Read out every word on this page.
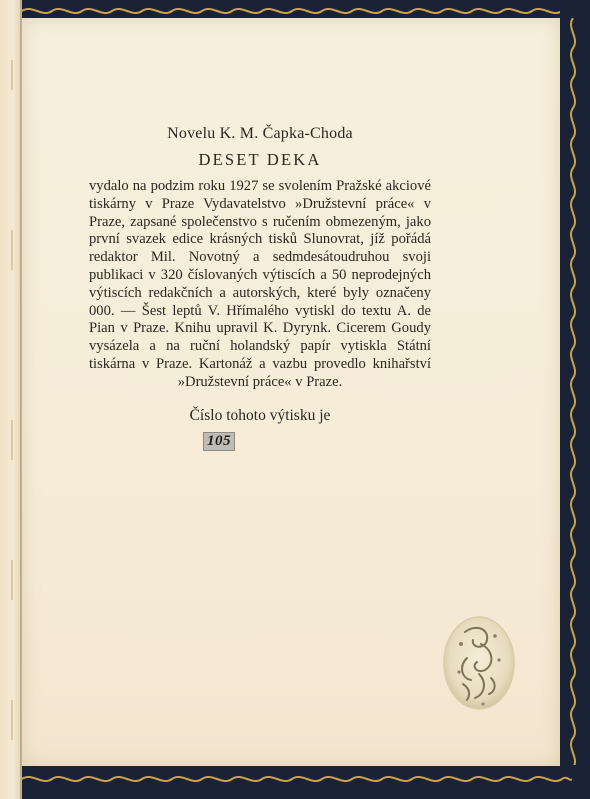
Novelu K. M. Čapka-Choda

DESET DEKA

vydalo na podzim roku 1927 se svolením Pražské akciové tiskárny v Praze Vydavatelstvo »Družstevní práce« v Praze, zapsané společenstvo s ručením obmezeným, jako první svazek edice krásných tisků Slunovrat, jíž pořádá redaktor Mil. Novotný a sedmdesátoudruhou svoji publikaci v 320 číslovaných výtiscích a 50 neprodejných výtiscích redakčních a autorských, které byly označeny 000. — Šest leptů V. Hřímalého vytiskl do textu A. de Pian v Praze. Knihu upravil K. Dyrynk. Cicerem Goudy vysázela a na ruční holandský papír vytiskla Státní tiskárna v Praze. Kartonáž a vazbu provedlo knihařství »Družstevní práce« v Praze.

Číslo tohoto výtisku je

105
